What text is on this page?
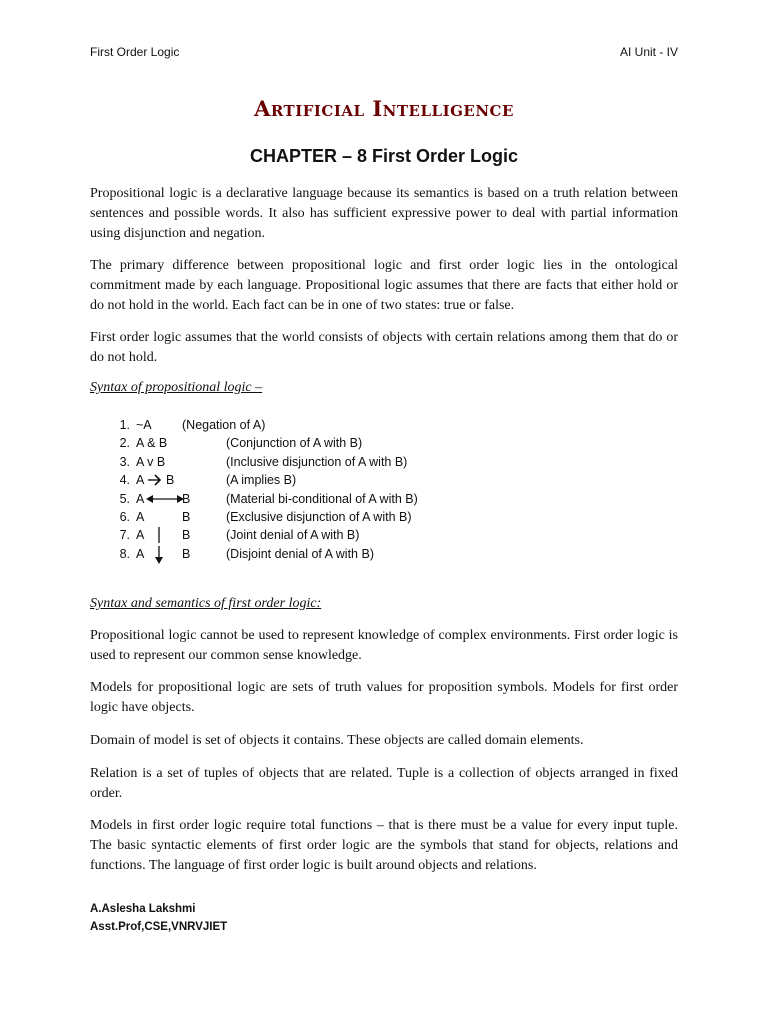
First Order Logic	AI Unit - IV
Artificial Intelligence
CHAPTER – 8 First Order Logic

Propositional logic is a declarative language because its semantics is based on a truth relation between sentences and possible words. It also has sufficient expressive power to deal with partial information using disjunction and negation.

The primary difference between propositional logic and first order logic lies in the ontological commitment made by each language. Propositional logic assumes that there are facts that either hold or do not hold in the world. Each fact can be in one of two states: true or false.

First order logic assumes that the world consists of objects with certain relations among them that do or do not hold.

Syntax of propositional logic –

1. ~A (Negation of A)
2. A & B	(Conjunction of A with B)
3. A v B	(Inclusive disjunction of A with B)
4. A B	(A implies B)
5. A	B	(Material bi-conditional of A with B)
6. A	B	(Exclusive disjunction of A with B)
7. A	B	(Joint denial of A with B)
8. A	B	(Disjoint denial of A with B)

Syntax and semantics of first order logic:

Propositional logic cannot be used to represent knowledge of complex environments. First order logic is used to represent our common sense knowledge.

Models for propositional logic are sets of truth values for proposition symbols. Models for first order logic have objects.

Domain of model is set of objects it contains. These objects are called domain elements.

Relation is a set of tuples of objects that are related. Tuple is a collection of objects arranged in fixed order.

Models in first order logic require total functions – that is there must be a value for every input tuple. The basic syntactic elements of first order logic are the symbols that stand for objects, relations and functions. The language of first order logic is built around objects and relations.

A.Aslesha Lakshmi
Asst.Prof,CSE,VNRVJIET
